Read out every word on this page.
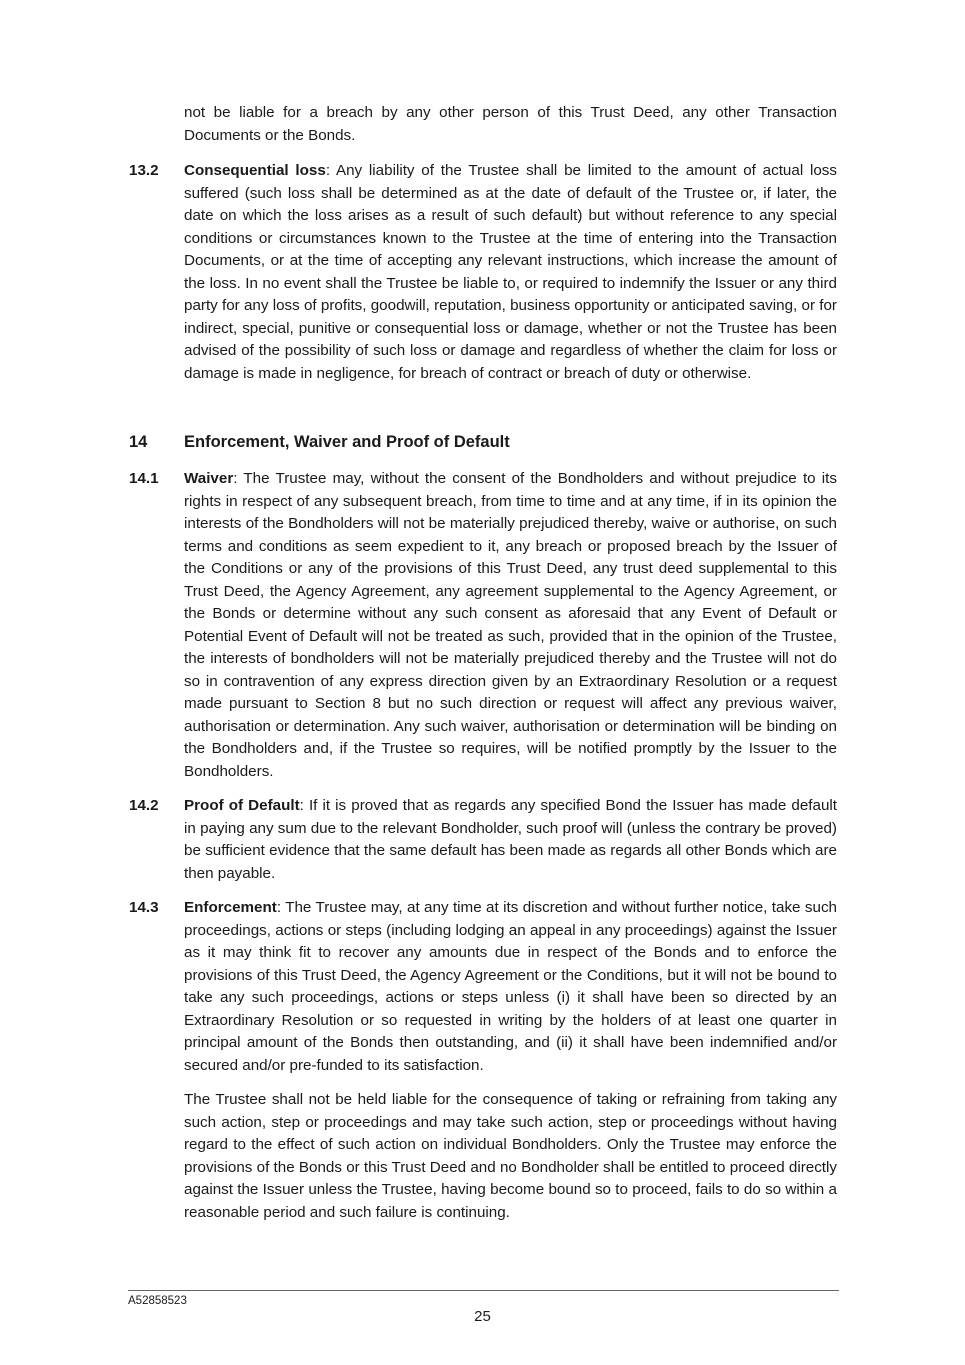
not be liable for a breach by any other person of this Trust Deed, any other Transaction Documents or the Bonds.

13.2 Consequential loss: Any liability of the Trustee shall be limited to the amount of actual loss suffered (such loss shall be determined as at the date of default of the Trustee or, if later, the date on which the loss arises as a result of such default) but without reference to any special conditions or circumstances known to the Trustee at the time of entering into the Transaction Documents, or at the time of accepting any relevant instructions, which increase the amount of the loss. In no event shall the Trustee be liable to, or required to indemnify the Issuer or any third party for any loss of profits, goodwill, reputation, business opportunity or anticipated saving, or for indirect, special, punitive or consequential loss or damage, whether or not the Trustee has been advised of the possibility of such loss or damage and regardless of whether the claim for loss or damage is made in negligence, for breach of contract or breach of duty or otherwise.

14 Enforcement, Waiver and Proof of Default
14.1 Waiver: The Trustee may, without the consent of the Bondholders and without prejudice to its rights in respect of any subsequent breach, from time to time and at any time, if in its opinion the interests of the Bondholders will not be materially prejudiced thereby, waive or authorise, on such terms and conditions as seem expedient to it, any breach or proposed breach by the Issuer of the Conditions or any of the provisions of this Trust Deed, any trust deed supplemental to this Trust Deed, the Agency Agreement, any agreement supplemental to the Agency Agreement, or the Bonds or determine without any such consent as aforesaid that any Event of Default or Potential Event of Default will not be treated as such, provided that in the opinion of the Trustee, the interests of bondholders will not be materially prejudiced thereby and the Trustee will not do so in contravention of any express direction given by an Extraordinary Resolution or a request made pursuant to Section 8 but no such direction or request will affect any previous waiver, authorisation or determination. Any such waiver, authorisation or determination will be binding on the Bondholders and, if the Trustee so requires, will be notified promptly by the Issuer to the Bondholders.

14.2 Proof of Default: If it is proved that as regards any specified Bond the Issuer has made default in paying any sum due to the relevant Bondholder, such proof will (unless the contrary be proved) be sufficient evidence that the same default has been made as regards all other Bonds which are then payable.

14.3 Enforcement: The Trustee may, at any time at its discretion and without further notice, take such proceedings, actions or steps (including lodging an appeal in any proceedings) against the Issuer as it may think fit to recover any amounts due in respect of the Bonds and to enforce the provisions of this Trust Deed, the Agency Agreement or the Conditions, but it will not be bound to take any such proceedings, actions or steps unless (i) it shall have been so directed by an Extraordinary Resolution or so requested in writing by the holders of at least one quarter in principal amount of the Bonds then outstanding, and (ii) it shall have been indemnified and/or secured and/or pre-funded to its satisfaction.

The Trustee shall not be held liable for the consequence of taking or refraining from taking any such action, step or proceedings and may take such action, step or proceedings without having regard to the effect of such action on individual Bondholders. Only the Trustee may enforce the provisions of the Bonds or this Trust Deed and no Bondholder shall be entitled to proceed directly against the Issuer unless the Trustee, having become bound so to proceed, fails to do so within a reasonable period and such failure is continuing.

A52858523
25
